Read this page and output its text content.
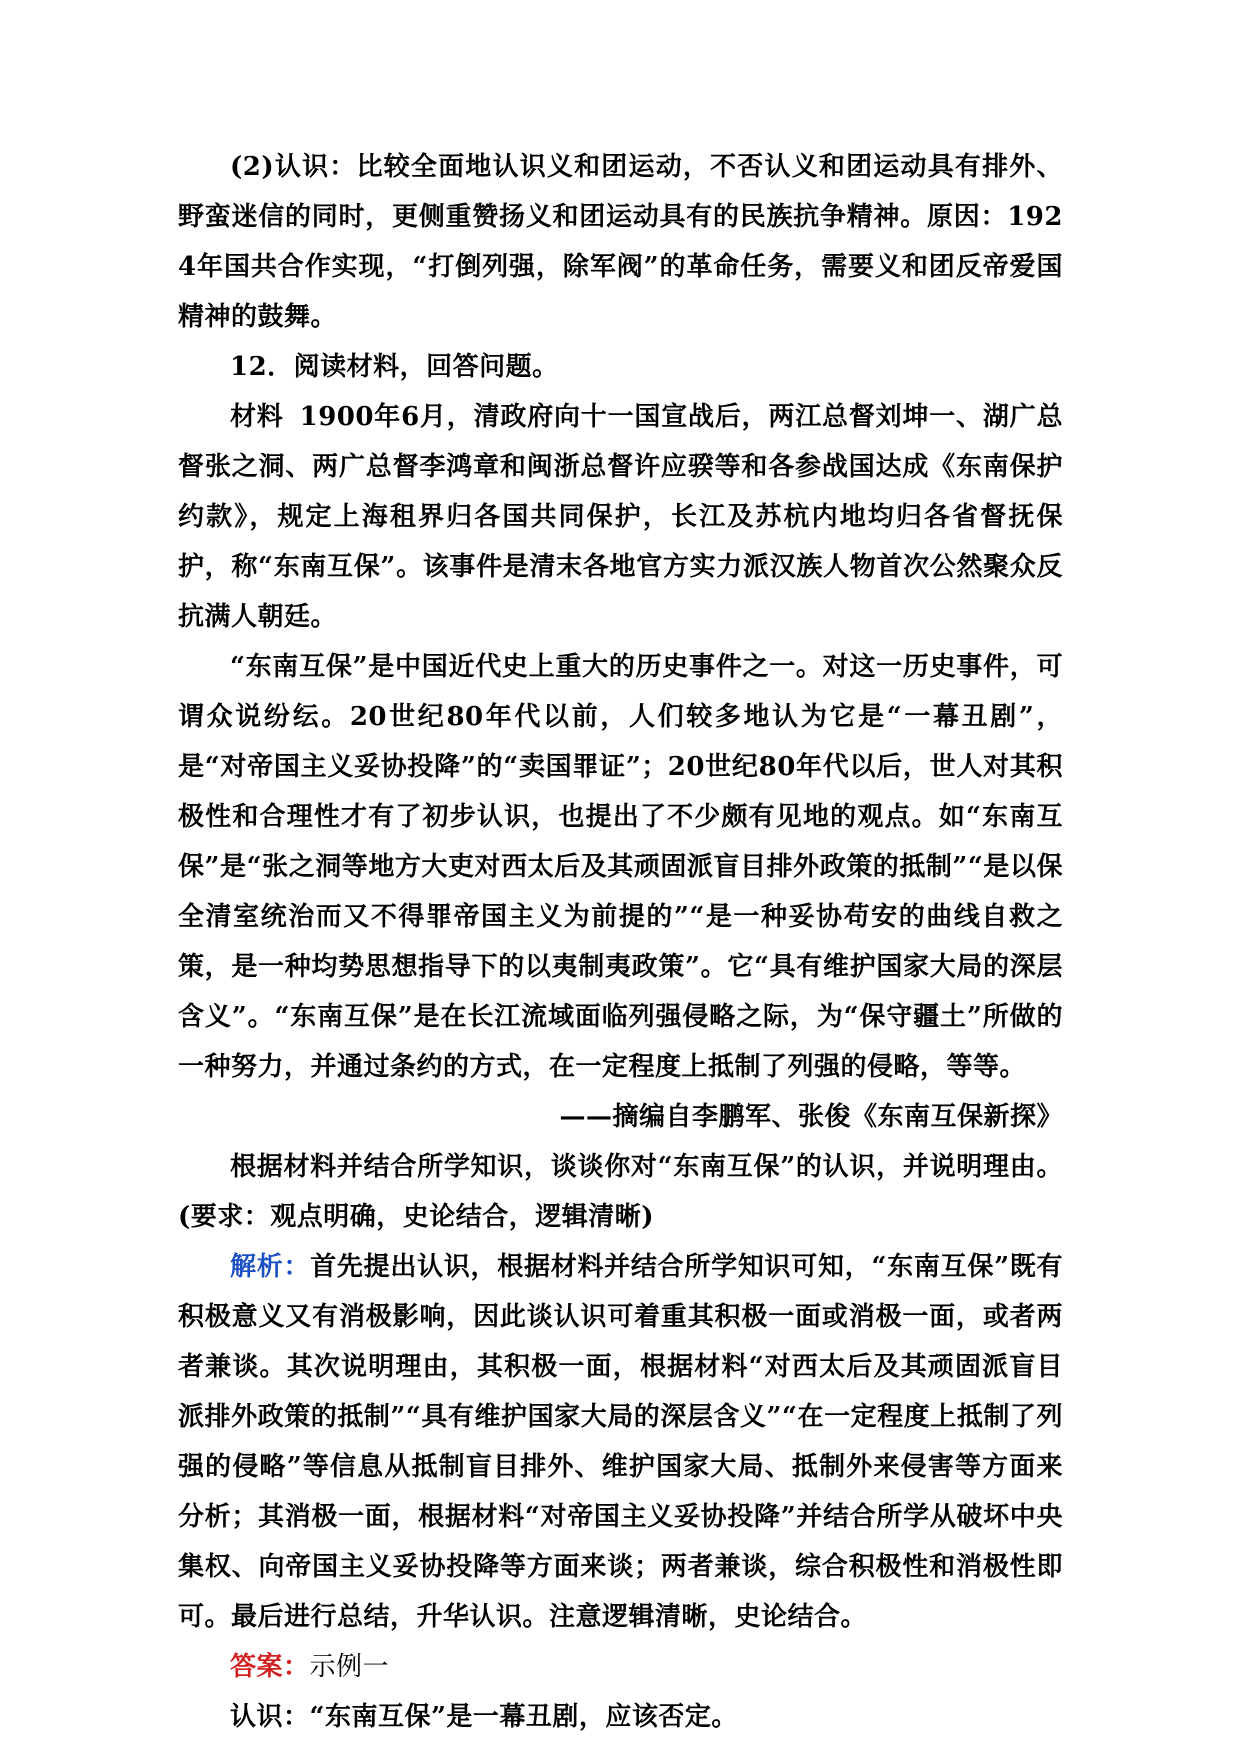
(2)认识：比较全面地认识义和团运动，不否认义和团运动具有排外、野蛮迷信的同时，更侧重赞扬义和团运动具有的民族抗争精神。原因：1924年国共合作实现，“打倒列强，除军阀”的革命任务，需要义和团反帝爱国精神的鼓舞。

12．阅读材料，回答问题。

材料 1900年6月，清政府向十一国宣战后，两江总督刘坤一、湖广总督张之洞、两广总督李鸿章和闽浙总督许应骙等和各参战国达成《东南保护约款》，规定上海租界归各国共同保护，长江及苏杭内地均归各省督抚保护，称“东南互保”。该事件是清末各地官方实力派汉族人物首次公然聚众反抗满人朝廷。

“东南互保”是中国近代史上重大的历史事件之一。对这一历史事件，可谓众说纷纭。20世纪80年代以前，人们较多地认为它是“一幕丑剧”，是“对帝国主义妥协投降”的“卖国罪证”；20世纪80年代以后，世人对其积极性和合理性才有了初步认识，也提出了不少颇有见地的观点。如“东南互保”是“张之洞等地方大吏对西太后及其顽固派盲目排外政策的抵制”“是以保全清室统治而又不得罪帝国主义为前提的”“是一种妥协苟安的曲线自救之策，是一种均势思想指导下的以夷制夷政策”。它“具有维护国家大局的深层含义”。“东南互保”是在长江流域面临列强侵略之际，为“保守疆土”所做的一种努力，并通过条约的方式，在一定程度上抵制了列强的侵略，等等。

——摘编自李鹏军、张俊《东南互保新探》

根据材料并结合所学知识，谈谈你对“东南互保”的认识，并说明理由。(要求：观点明确，史论结合，逻辑清晰)

解析：首先提出认识，根据材料并结合所学知识可知，“东南互保”既有积极意义又有消极影响，因此谈认识可着重其积极一面或消极一面，或者两者兼谈。其次说明理由，其积极一面，根据材料“对西太后及其顽固派盲目派排外政策的抵制”“具有维护国家大局的深层含义”“在一定程度上抵制了列强的侵略”等信息从抵制盲目排外、维护国家大局、抵制外来侵害等方面来分析；其消极一面，根据材料“对帝国主义妥协投降”并结合所学从破坏中央集权、向帝国主义妥协投降等方面来谈；两者兼谈，综合积极性和消极性即可。最后进行总结，升华认识。注意逻辑清晰，史论结合。

答案：示例一

认识：“东南互保”是一幕丑剧，应该否定。
